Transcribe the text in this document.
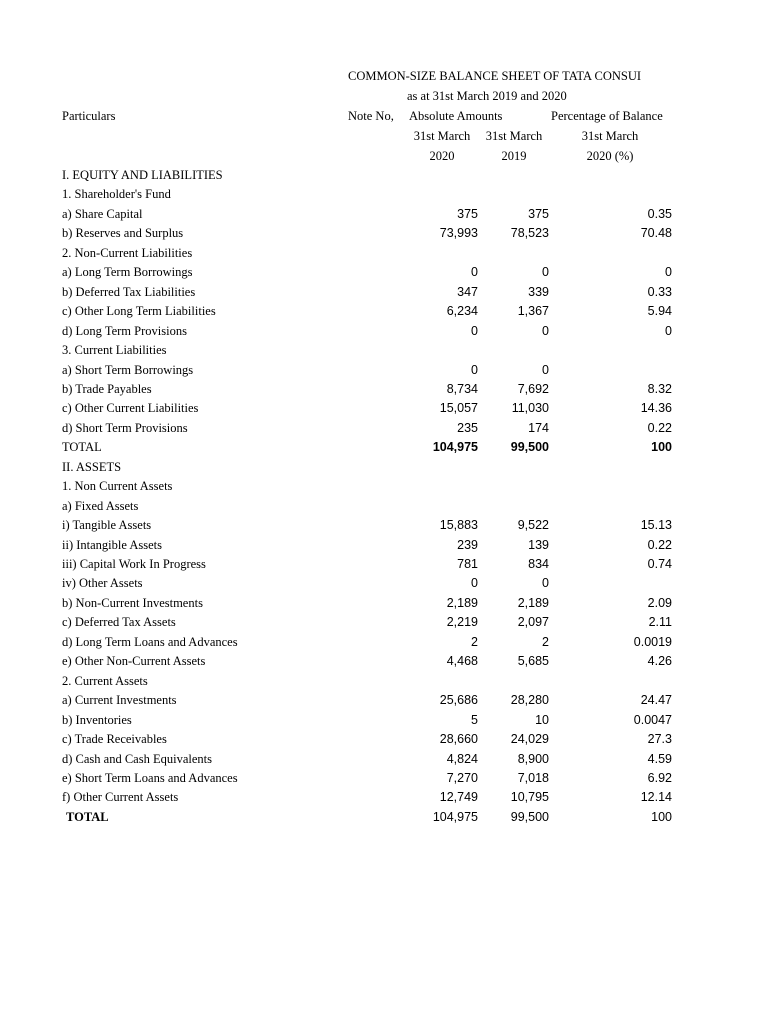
COMMON-SIZE BALANCE SHEET OF TATA CONSUI
as at 31st March 2019 and 2020
Particulars	Note No, Absolute Amounts	Percentage of Balance
31st March	31st March	31st March
2020	2019	2020 (%)
I. EQUITY AND LIABILITIES
1. Shareholder's Fund
a) Share Capital	375	375	0.35
b) Reserves and Surplus	73,993	78,523	70.48
2. Non-Current Liabilities
a) Long Term Borrowings	0	0	0
b) Deferred Tax Liabilities	347	339	0.33
c) Other Long Term Liabilities	6,234	1,367	5.94
d) Long Term Provisions	0	0	0
3. Current Liabilities
a) Short Term Borrowings	0	0
b) Trade Payables	8,734	7,692	8.32
c) Other Current Liabilities	15,057	11,030	14.36
d) Short Term Provisions	235	174	0.22
TOTAL	104,975	99,500	100
II. ASSETS
1. Non Current Assets
a) Fixed Assets
i) Tangible Assets	15,883	9,522	15.13
ii) Intangible Assets	239	139	0.22
iii) Capital Work In Progress	781	834	0.74
iv) Other Assets	0	0
b) Non-Current Investments	2,189	2,189	2.09
c) Deferred Tax Assets	2,219	2,097	2.11
d) Long Term Loans and Advances	2	2	0.0019
e) Other Non-Current Assets	4,468	5,685	4.26
2. Current Assets
a) Current Investments	25,686	28,280	24.47
b) Inventories	5	10	0.0047
c) Trade Receivables	28,660	24,029	27.3
d) Cash and Cash Equivalents	4,824	8,900	4.59
e) Short Term Loans and Advances	7,270	7,018	6.92
f) Other Current Assets	12,749	10,795	12.14
TOTAL	104,975	99,500	100
